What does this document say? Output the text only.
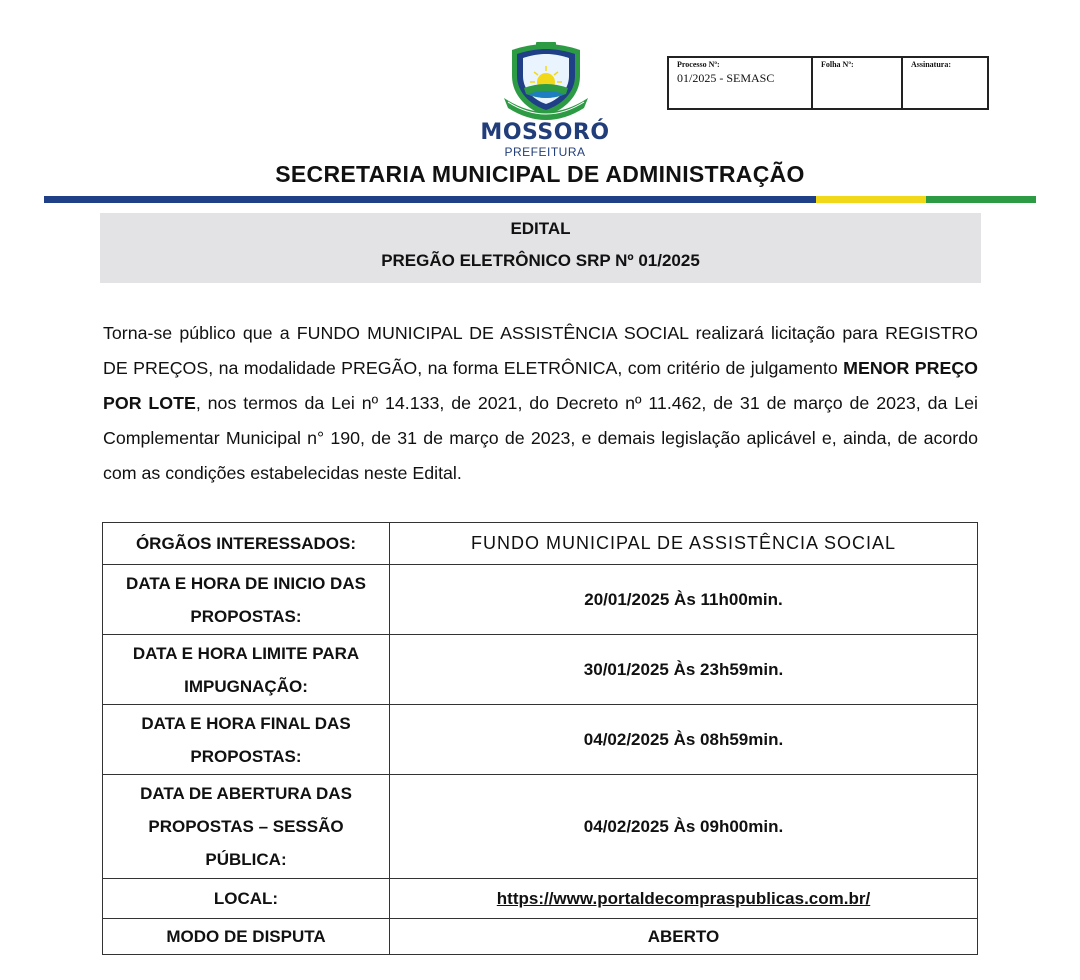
MOSSORÓ
PREFEITURA
Processo Nº:
01/2025 - SEMASC
Folha Nº:	Assinatura:
SECRETARIA MUNICIPAL DE ADMINISTRAÇÃO
EDITAL
PREGÃO ELETRÔNICO SRP Nº 01/2025

Torna-se público que a FUNDO MUNICIPAL DE ASSISTÊNCIA SOCIAL realizará licitação para REGISTRO DE PREÇOS, na modalidade PREGÃO, na forma ELETRÔNICA, com critério de julgamento MENOR PREÇO POR LOTE, nos termos da Lei nº 14.133, de 2021, do Decreto nº 11.462, de 31 de março de 2023, da Lei Complementar Municipal n° 190, de 31 de março de 2023, e demais legislação aplicável e, ainda, de acordo com as condições estabelecidas neste Edital.

ÓRGÃOS INTERESSADOS:	FUNDO MUNICIPAL DE ASSISTÊNCIA SOCIAL
DATA E HORA DE INICIO DAS PROPOSTAS:	20/01/2025 Às 11h00min.
DATA E HORA LIMITE PARA IMPUGNAÇÃO:	30/01/2025 Às 23h59min.
DATA E HORA FINAL DAS PROPOSTAS:	04/02/2025 Às 08h59min.
DATA DE ABERTURA DAS PROPOSTAS – SESSÃO PÚBLICA:	04/02/2025 Às 09h00min.
LOCAL:	https://www.portaldecompraspublicas.com.br/
MODO DE DISPUTA	ABERTO
